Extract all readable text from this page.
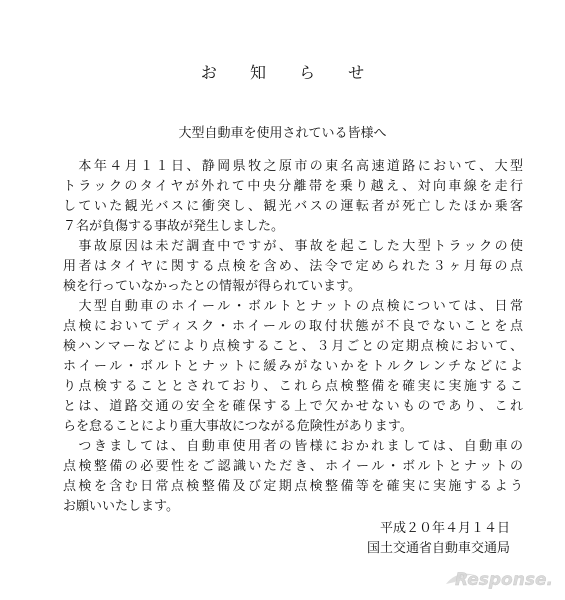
お 知 ら せ
大型自動車を使用されている皆様へ
　本年４月１１日、静岡県牧之原市の東名高速道路において、大型
トラックのタイヤが外れて中央分離帯を乗り越え、対向車線を走行
していた観光バスに衝突し、観光バスの運転者が死亡したほか乗客
７名が負傷する事故が発生しました。
　事故原因は未だ調査中ですが、事故を起こした大型トラックの使
用者はタイヤに関する点検を含め、法令で定められた３ヶ月毎の点
検を行っていなかったとの情報が得られています。
　大型自動車のホイール・ボルトとナットの点検については、日常
点検においてディスク・ホイールの取付状態が不良でないことを点
検ハンマーなどにより点検すること、３月ごとの定期点検において、
ホイール・ボルトとナットに緩みがないかをトルクレンチなどによ
り点検することとされており、これら点検整備を確実に実施するこ
とは、道路交通の安全を確保する上で欠かせないものであり、これ
らを怠ることにより重大事故につながる危険性があります。
　つきましては、自動車使用者の皆様におかれましては、自動車の
点検整備の必要性をご認識いただき、ホイール・ボルトとナットの
点検を含む日常点検整備及び定期点検整備等を確実に実施するよう
お願いいたします。
平成２０年４月１４日
国土交通省自動車交通局
Response.
